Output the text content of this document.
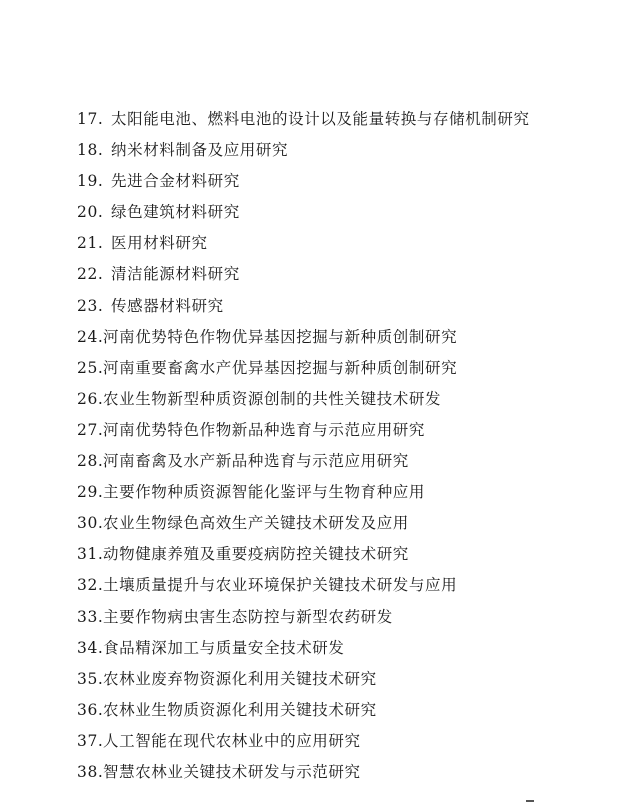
17. 太阳能电池、燃料电池的设计以及能量转换与存储机制研究
18. 纳米材料制备及应用研究
19. 先进合金材料研究
20. 绿色建筑材料研究
21. 医用材料研究
22. 清洁能源材料研究
23. 传感器材料研究
24.河南优势特色作物优异基因挖掘与新种质创制研究
25.河南重要畜禽水产优异基因挖掘与新种质创制研究
26.农业生物新型种质资源创制的共性关键技术研发
27.河南优势特色作物新品种选育与示范应用研究
28.河南畜禽及水产新品种选育与示范应用研究
29.主要作物种质资源智能化鉴评与生物育种应用
30.农业生物绿色高效生产关键技术研发及应用
31.动物健康养殖及重要疫病防控关键技术研究
32.土壤质量提升与农业环境保护关键技术研发与应用
33.主要作物病虫害生态防控与新型农药研发
34.食品精深加工与质量安全技术研发
35.农林业废弃物资源化利用关键技术研究
36.农林业生物质资源化利用关键技术研究
37.人工智能在现代农林业中的应用研究
38.智慧农林业关键技术研发与示范研究
